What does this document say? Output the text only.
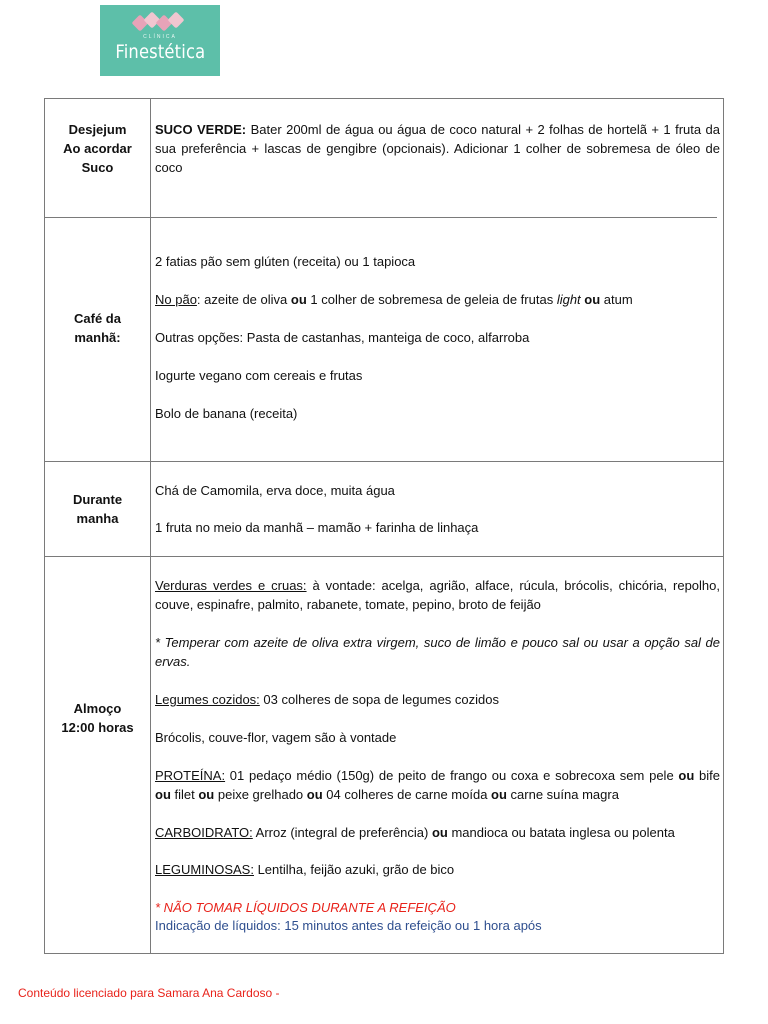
CLÍNICA
Finestética
Desjejum
Ao acordar
Suco
SUCO VERDE: Bater 200ml de água ou água de coco natural + 2 folhas de hortelã + 1 fruta da sua preferência + lascas de gengibre (opcionais). Adicionar 1 colher de sobremesa de óleo de coco
Café da
manhã:
2 fatias pão sem glúten (receita) ou 1 tapioca
No pão: azeite de oliva ou 1 colher de sobremesa de geleia de frutas light ou atum
Outras opções: Pasta de castanhas, manteiga de coco, alfarroba
Iogurte vegano com cereais e frutas
Bolo de banana (receita)
Durante
manha
Chá de Camomila, erva doce, muita água
1 fruta no meio da manhã – mamão + farinha de linhaça
Almoço
12:00 horas
Verduras verdes e cruas: à vontade: acelga, agrião, alface, rúcula, brócolis, chicória, repolho, couve, espinafre, palmito, rabanete, tomate, pepino, broto de feijão
* Temperar com azeite de oliva extra virgem, suco de limão e pouco sal ou usar a opção sal de ervas.
Legumes cozidos: 03 colheres de sopa de legumes cozidos
Brócolis, couve-flor, vagem são à vontade
PROTEÍNA: 01 pedaço médio (150g) de peito de frango ou coxa e sobrecoxa sem pele ou bife ou filet ou peixe grelhado ou 04 colheres de carne moída ou carne suína magra
CARBOIDRATO: Arroz (integral de preferência) ou mandioca ou batata inglesa ou polenta
LEGUMINOSAS: Lentilha, feijão azuki, grão de bico
* NÃO TOMAR LÍQUIDOS DURANTE A REFEIÇÃO
Indicação de líquidos: 15 minutos antes da refeição ou 1 hora após
Conteúdo licenciado para Samara Ana Cardoso -
